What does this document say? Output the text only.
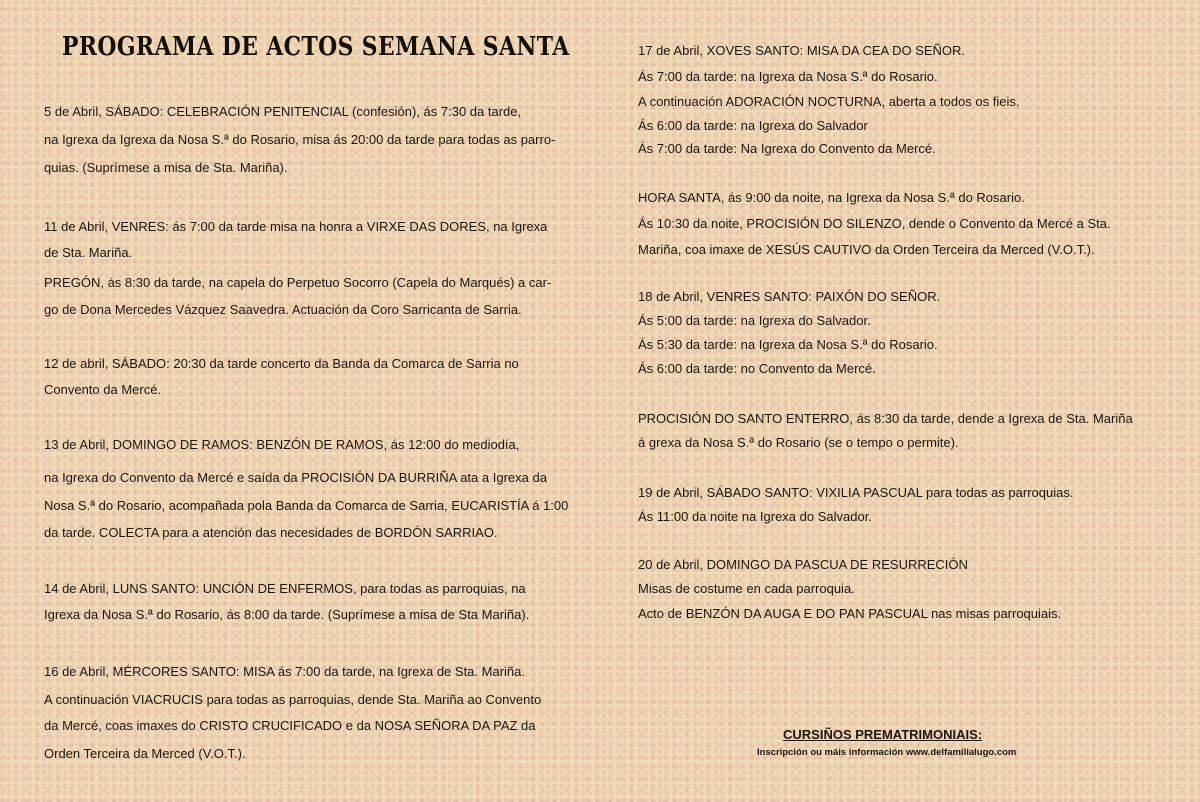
PROGRAMA DE ACTOS SEMANA SANTA
5 de Abril, SÁBADO: CELEBRACIÓN PENITENCIAL (confesión), ás 7:30 da tarde,
na Igrexa da Igrexa da Nosa S.ª do Rosario, misa ás 20:00 da tarde para todas as parro-
quias. (Suprímese a misa de Sta. Mariña).
11 de Abril, VENRES: ás 7:00 da tarde misa na honra a VIRXE DAS DORES, na Igrexa
de Sta. Mariña.
PREGÓN, ás 8:30 da tarde, na capela do Perpetuo Socorro (Capela do Marqués) a car-
go de Dona Mercedes Vázquez Saavedra. Actuación da Coro Sarricanta de Sarria.
12 de abril, SÁBADO: 20:30 da tarde concerto da Banda da Comarca de Sarria no
Convento da Mercé.
13 de Abril, DOMINGO DE RAMOS: BENZÓN DE RAMOS, ás 12:00 do mediodía,
na Igrexa do Convento da Mercé e saída da PROCISIÓN DA BURRIÑA ata a Igrexa da
Nosa S.ª do Rosario, acompañada pola Banda da Comarca de Sarria, EUCARISTÍA á 1:00
da tarde. COLECTA para a atención das necesidades de BORDÓN SARRIAO.
14 de Abril, LUNS SANTO: UNCIÓN DE ENFERMOS, para todas as parroquias, na
Igrexa da Nosa S.ª do Rosario, ás 8:00 da tarde. (Suprímese a misa de Sta Mariña).
16 de Abril, MÉRCORES SANTO: MISA ás 7:00 da tarde, na Igrexa de Sta. Mariña.
A continuación VIACRUCIS para todas as parroquias, dende Sta. Mariña ao Convento
da Mercé, coas imaxes do CRISTO CRUCIFICADO e da NOSA SEÑORA DA PAZ da
Orden Terceira da Merced (V.O.T.).
17 de Abril, XOVES SANTO: MISA DA CEA DO SEÑOR.
Ás 7:00 da tarde: na Igrexa da Nosa S.ª do Rosario.
A continuación ADORACIÓN NOCTURNA, aberta a todos os fieis.
Ás 6:00 da tarde: na Igrexa do Salvador
Ás 7:00 da tarde: Na Igrexa do Convento da Mercé.
HORA SANTA, ás 9:00 da noite, na Igrexa da Nosa S.ª do Rosario.
Ás 10:30 da noite, PROCISIÓN DO SILENZO, dende o Convento da Mercé a Sta.
Mariña, coa imaxe de XESÚS CAUTIVO da Orden Terceira da Merced (V.O.T.).
18 de Abril, VENRES SANTO: PAIXÓN DO SEÑOR.
Ás 5:00 da tarde: na Igrexa do Salvador.
Ás 5:30 da tarde: na Igrexa da Nosa S.ª do Rosario.
Ás 6:00 da tarde: no Convento da Mercé.
PROCISIÓN DO SANTO ENTERRO, ás 8:30 da tarde, dende a Igrexa de Sta. Mariña
á grexa da Nosa S.ª do Rosario (se o tempo o permite).
19 de Abril, SÁBADO SANTO: VIXILIA PASCUAL para todas as parroquias.
Ás 11:00 da noite na Igrexa do Salvador.
20 de Abril, DOMINGO DA PASCUA DE RESURRECIÓN
Misas de costume en cada parroquia.
Acto de BENZÓN DA AUGA E DO PAN PASCUAL nas misas parroquiais.
CURSIÑOS PREMATRIMONIAIS:
Inscripción ou máis información www.delfamilialugo.com
